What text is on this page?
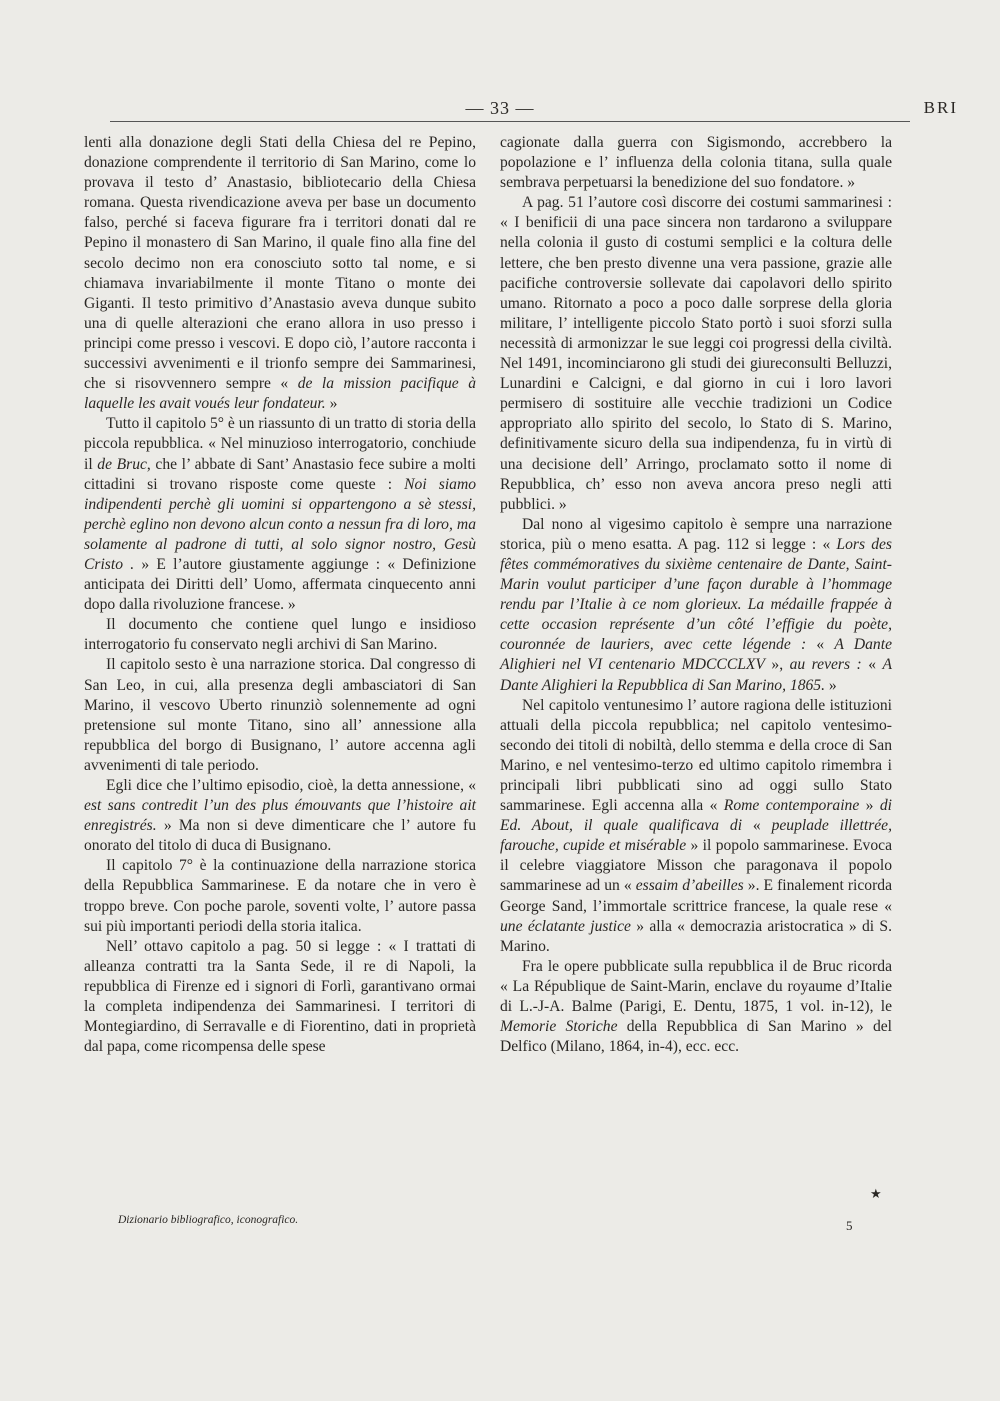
— 33 —	BRI

lenti alla donazione degli Stati della Chiesa del re Pepino, donazione comprendente il territorio di San Marino, come lo provava il testo d’ Anastasio, bibliotecario della Chiesa romana. Questa rivendicazione aveva per base un documento falso, perché si faceva figurare fra i territori donati dal re Pepino il monastero di San Marino, il quale fino alla fine del secolo decimo non era conosciuto sotto tal nome, e si chiamava invariabilmente il monte Titano o monte dei Giganti. Il testo primitivo d’Anastasio aveva dunque subito una di quelle alterazioni che erano allora in uso presso i principi come presso i vescovi. E dopo ciò, l’autore racconta i successivi avvenimenti e il trionfo sempre dei Sammarinesi, che si risovvennero sempre « de la mission pacifique à laquelle les avait voués leur fondateur. »

Tutto il capitolo 5° è un riassunto di un tratto di storia della piccola repubblica. « Nel minuzioso interrogatorio, conchiude il de Bruc, che l’ abbate di Sant’ Anastasio fece subire a molti cittadini si trovano risposte come queste : Noi siamo indipendenti perchè gli uomini si oppartengono a sè stessi, perchè eglino non devono alcun conto a nessun fra di loro, ma solamente al padrone di tutti, al solo signor nostro, Gesù Cristo . » E l’autore giustamente aggiunge : « Definizione anticipata dei Diritti dell’ Uomo, affermata cinquecento anni dopo dalla rivoluzione francese. »

Il documento che contiene quel lungo e insidioso interrogatorio fu conservato negli archivi di San Marino.

Il capitolo sesto è una narrazione storica. Dal congresso di San Leo, in cui, alla presenza degli ambasciatori di San Marino, il vescovo Uberto rinunziò solennemente ad ogni pretensione sul monte Titano, sino all’ annessione alla repubblica del borgo di Busignano, l’ autore accenna agli avvenimenti di tale periodo.

Egli dice che l’ultimo episodio, cioè, la detta annessione, « est sans contredit l’un des plus émouvants que l’histoire ait enregistrés. » Ma non si deve dimenticare che l’ autore fu onorato del titolo di duca di Busignano.

Il capitolo 7° è la continuazione della narrazione storica della Repubblica Sammarinese. E da notare che in vero è troppo breve. Con poche parole, soventi volte, l’ autore passa sui più importanti periodi della storia italica.

Nell’ ottavo capitolo a pag. 50 si legge : « I trattati di alleanza contratti tra la Santa Sede, il re di Napoli, la repubblica di Firenze ed i signori di Forlì, garantivano ormai la completa indipendenza dei Sammarinesi. I territori di Montegiardino, di Serravalle e di Fiorentino, dati in proprietà dal papa, come ricompensa delle spese

cagionate dalla guerra con Sigismondo, accrebbero la popolazione e l’ influenza della colonia titana, sulla quale sembrava perpetuarsi la benedizione del suo fondatore. »

A pag. 51 l’autore così discorre dei costumi sammarinesi : « I benificii di una pace sincera non tardarono a sviluppare nella colonia il gusto di costumi semplici e la coltura delle lettere, che ben presto divenne una vera passione, grazie alle pacifiche controversie sollevate dai capolavori dello spirito umano. Ritornato a poco a poco dalle sorprese della gloria militare, l’ intelligente piccolo Stato portò i suoi sforzi sulla necessità di armonizzar le sue leggi coi progressi della civiltà. Nel 1491, incominciarono gli studi dei giureconsulti Belluzzi, Lunardini e Calcigni, e dal giorno in cui i loro lavori permisero di sostituire alle vecchie tradizioni un Codice appropriato allo spirito del secolo, lo Stato di S. Marino, definitivamente sicuro della sua indipendenza, fu in virtù di una decisione dell’ Arringo, proclamato sotto il nome di Repubblica, ch’ esso non aveva ancora preso negli atti pubblici. »

Dal nono al vigesimo capitolo è sempre una narrazione storica, più o meno esatta. A pag. 112 si legge : « Lors des fêtes commémoratives du sixième centenaire de Dante, Saint-Marin voulut participer d’une façon durable à l’hommage rendu par l’Italie à ce nom glorieux. La médaille frappée à cette occasion représente d’un côté l’effigie du poète, couronnée de lauriers, avec cette légende : « A Dante Alighieri nel VI centenario MDCCCLXV », au revers : « A Dante Alighieri la Repubblica di San Marino, 1865. »

Nel capitolo ventunesimo l’ autore ragiona delle istituzioni attuali della piccola repubblica; nel capitolo ventesimo-secondo dei titoli di nobiltà, dello stemma e della croce di San Marino, e nel ventesimo-terzo ed ultimo capitolo rimembra i principali libri pubblicati sino ad oggi sullo Stato sammarinese. Egli accenna alla « Rome contemporaine » di Ed. About, il quale qualificava di « peuplade illettrée, farouche, cupide et misérable » il popolo sammarinese. Evoca il celebre viaggiatore Misson che paragonava il popolo sammarinese ad un « essaim d’abeilles ». E finalement ricorda George Sand, l’immortale scrittrice francese, la quale rese « une éclatante justice » alla « democrazia aristocratica » di S. Marino.

Fra le opere pubblicate sulla repubblica il de Bruc ricorda « La République de Saint-Marin, enclave du royaume d’Italie di L.-J-A. Balme (Parigi, E. Dentu, 1875, 1 vol. in-12), le Memorie Storiche della Repubblica di San Marino » del Delfico (Milano, 1864, in-4), ecc. ecc.

★
Dizionario bibliografico, iconografico.	5
